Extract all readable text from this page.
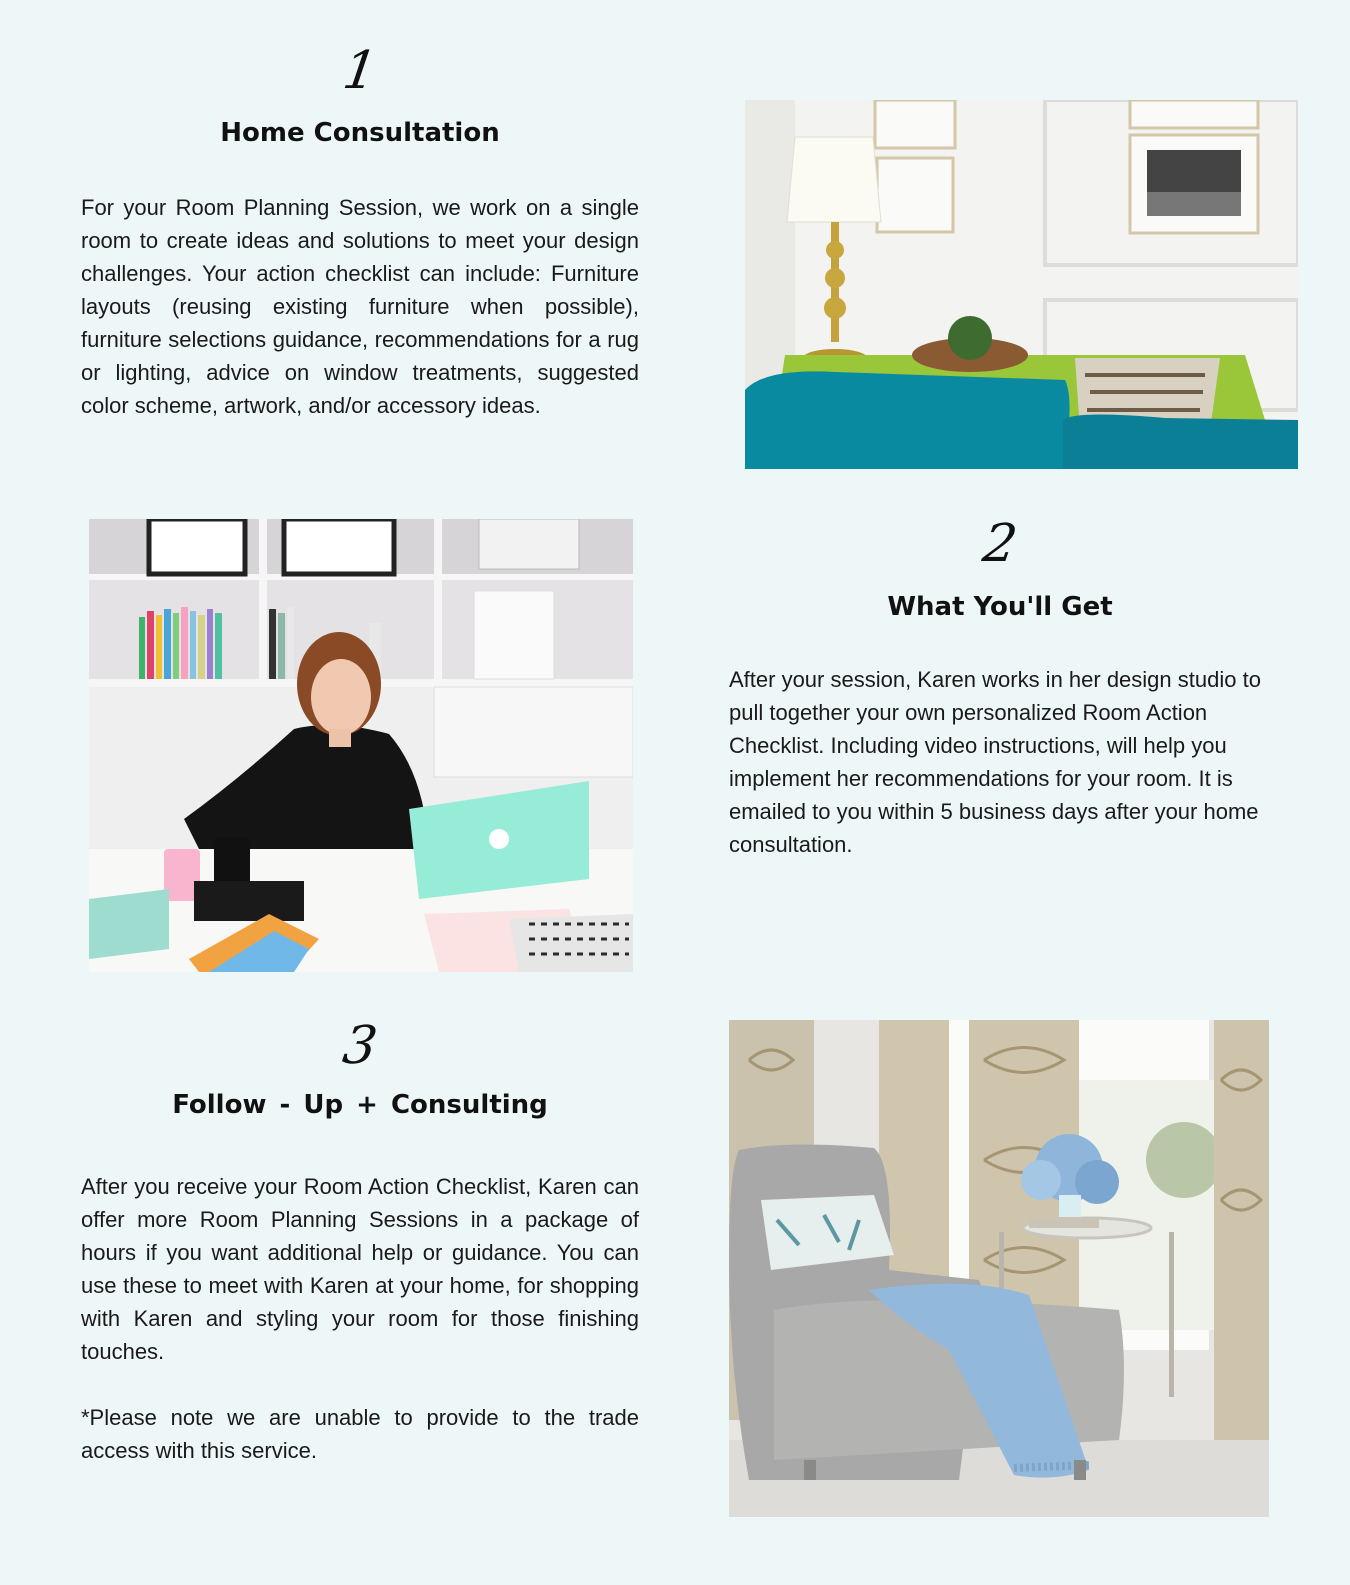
1
Home Consultation

For your Room Planning Session, we work on a single room to create ideas and solutions to meet your design challenges. Your action checklist can include: Furniture layouts (reusing existing furniture when possible), furniture selections guidance, recommendations for a rug or lighting, advice on window treatments, suggested color scheme, artwork, and/or accessory ideas.

2
What You'll Get

After your session, Karen works in her design studio to pull together your own personalized Room Action Checklist. Including video instructions, will help you implement her recommendations for your room. It is emailed to you within 5 business days after your home consultation.

3
Follow - Up + Consulting

After you receive your Room Action Checklist, Karen can offer more Room Planning Sessions in a package of hours if you want additional help or guidance. You can use these to meet with Karen at your home, for shopping with Karen and styling your room for those finishing touches.

*Please note we are unable to provide to the trade access with this service.
